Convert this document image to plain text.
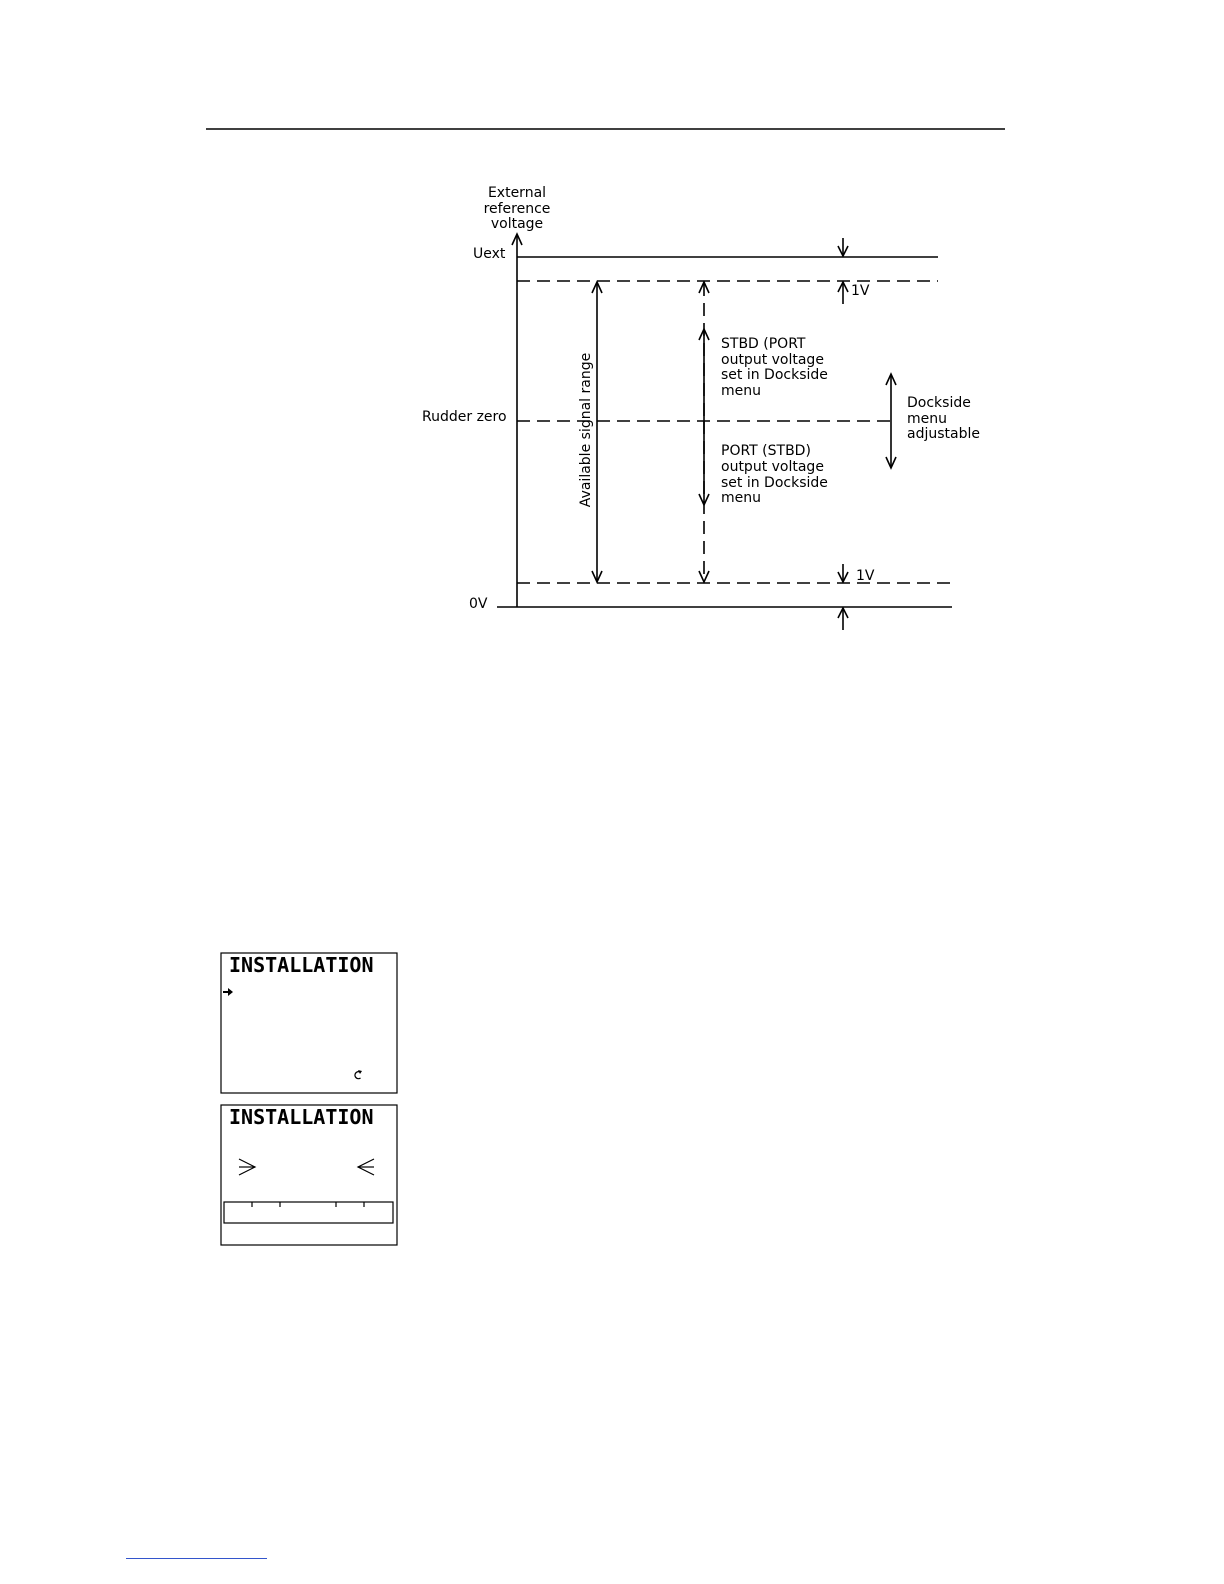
External
reference
voltage
Uext
Rudder zero
0V
Available signal range
STBD (PORT
output voltage
set in Dockside
menu
PORT (STBD)
output voltage
set in Dockside
menu
Dockside
menu
adjustable
1V
1V
INSTALLATION
INSTALLATION
